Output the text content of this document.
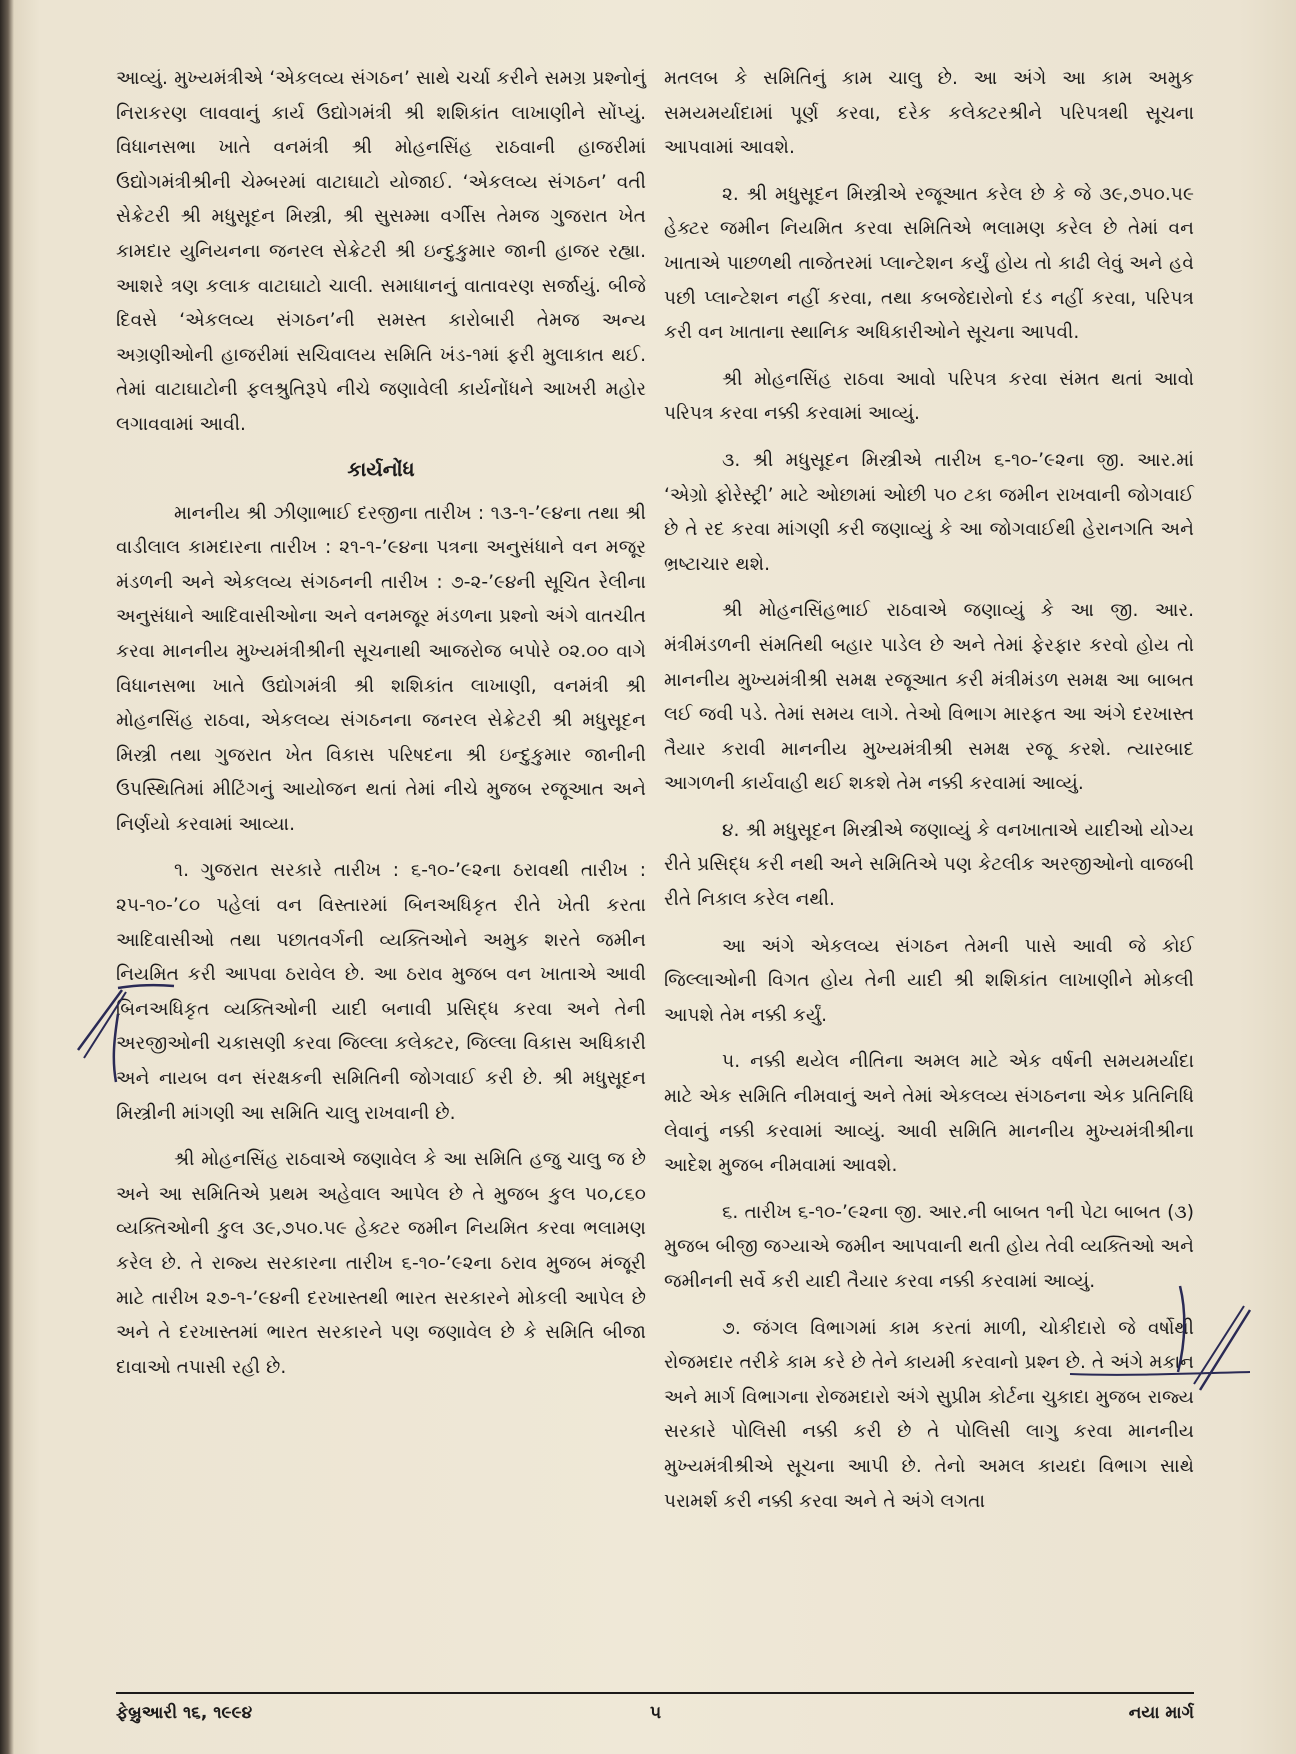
આવ્યું. મુખ્યમંત્રીએ ‘એકલવ્ય સંગઠન’ સાથે ચર્ચા કરીને સમગ્ર પ્રશ્નોનું નિરાકરણ લાવવાનું કાર્ય ઉદ્યોગમંત્રી શ્રી શશિકાંત લાખાણીને સોંપ્યું. વિધાનસભા ખાતે વનમંત્રી શ્રી મોહનસિંહ રાઠવાની હાજરીમાં ઉદ્યોગમંત્રીશ્રીની ચેમ્બરમાં વાટાઘાટો યોજાઈ. ‘એકલવ્ય સંગઠન’ વતી સેક્રેટરી શ્રી મધુસૂદન મિસ્ત્રી, શ્રી સુસમ્મા વર્ગીસ તેમજ ગુજરાત ખેત કામદાર યુનિયનના જનરલ સેક્રેટરી શ્રી ઇન્દુકુમાર જાની હાજર રહ્યા. આશરે ત્રણ કલાક વાટાઘાટો ચાલી. સમાધાનનું વાતાવરણ સર્જાયું. બીજે દિવસે ‘એકલવ્ય સંગઠન’ની સમસ્ત કારોબારી તેમજ અન્ય અગ્રણીઓની હાજરીમાં સચિવાલય સમિતિ ખંડ-૧માં ફરી મુલાકાત થઈ. તેમાં વાટાઘાટોની ફલશ્રુતિરૂપે નીચે જણાવેલી કાર્યનોંધને આખરી મહોર લગાવવામાં આવી.

કાર્યનોંધ

માનનીય શ્રી ઝીણાભાઈ દરજીના તારીખ : ૧૩-૧-’૯૪ના તથા શ્રી વાડીલાલ કામદારના તારીખ : ૨૧-૧-’૯૪ના પત્રના અનુસંધાને વન મજૂર મંડળની અને એકલવ્ય સંગઠનની તારીખ : ૭-૨-’૯૪ની સૂચિત રેલીના અનુસંધાને આદિવાસીઓના અને વનમજૂર મંડળના પ્રશ્નો અંગે વાતચીત કરવા માનનીય મુખ્યમંત્રીશ્રીની સૂચનાથી આજરોજ બપોરે ૦૨.૦૦ વાગે વિધાનસભા ખાતે ઉદ્યોગમંત્રી શ્રી શશિકાંત લાખાણી, વનમંત્રી શ્રી મોહનસિંહ રાઠવા, એકલવ્ય સંગઠનના જનરલ સેક્રેટરી શ્રી મધુસૂદન મિસ્ત્રી તથા ગુજરાત ખેત વિકાસ પરિષદના શ્રી ઇન્દુકુમાર જાનીની ઉપસ્થિતિમાં મીટિંગનું આયોજન થતાં તેમાં નીચે મુજબ રજૂઆત અને નિર્ણયો કરવામાં આવ્યા.

૧. ગુજરાત સરકારે તારીખ : ૬-૧૦-’૯૨ના ઠરાવથી તારીખ : ૨૫-૧૦-’૮૦ પહેલાં વન વિસ્તારમાં બિનઅધિકૃત રીતે ખેતી કરતા આદિવાસીઓ તથા પછાતવર્ગની વ્યક્તિઓને અમુક શરતે જમીન નિયમિત કરી આપવા ઠરાવેલ છે. આ ઠરાવ મુજબ વન ખાતાએ આવી બિનઅધિકૃત વ્યક્તિઓની યાદી બનાવી પ્રસિદ્ધ કરવા અને તેની અરજીઓની ચકાસણી કરવા જિલ્લા કલેક્ટર, જિલ્લા વિકાસ અધિકારી અને નાયબ વન સંરક્ષકની સમિતિની જોગવાઈ કરી છે. શ્રી મધુસૂદન મિસ્ત્રીની માંગણી આ સમિતિ ચાલુ રાખવાની છે.

શ્રી મોહનસિંહ રાઠવાએ જણાવેલ કે આ સમિતિ હજુ ચાલુ જ છે અને આ સમિતિએ પ્રથમ અહેવાલ આપેલ છે તે મુજબ કુલ ૫૦,૮૬૦ વ્યક્તિઓની કુલ ૩૯,૭૫૦.૫૯ હેક્ટર જમીન નિયમિત કરવા ભલામણ કરેલ છે. તે રાજ્ય સરકારના તારીખ ૬-૧૦-’૯૨ના ઠરાવ મુજબ મંજૂરી માટે તારીખ ૨૭-૧-’૯૪ની દરખાસ્તથી ભારત સરકારને મોકલી આપેલ છે અને તે દરખાસ્તમાં ભારત સરકારને પણ જણાવેલ છે કે સમિતિ બીજા દાવાઓ તપાસી રહી છે.

મતલબ કે સમિતિનું કામ ચાલુ છે. આ અંગે આ કામ અમુક સમયમર્યાદામાં પૂર્ણ કરવા, દરેક કલેક્ટરશ્રીને પરિપત્રથી સૂચના આપવામાં આવશે.

૨. શ્રી મધુસૂદન મિસ્ત્રીએ રજૂઆત કરેલ છે કે જે ૩૯,૭૫૦.૫૯ હેક્ટર જમીન નિયમિત કરવા સમિતિએ ભલામણ કરેલ છે તેમાં વન ખાતાએ પાછળથી તાજેતરમાં પ્લાન્ટેશન કર્યું હોય તો કાઢી લેવું અને હવે પછી પ્લાન્ટેશન નહીં કરવા, તથા કબજેદારોનો દંડ નહીં કરવા, પરિપત્ર કરી વન ખાતાના સ્થાનિક અધિકારીઓને સૂચના આપવી.

શ્રી મોહનસિંહ રાઠવા આવો પરિપત્ર કરવા સંમત થતાં આવો પરિપત્ર કરવા નક્કી કરવામાં આવ્યું.

૩. શ્રી મધુસૂદન મિસ્ત્રીએ તારીખ ૬-૧૦-’૯૨ના જી. આર.માં ‘એગ્રો ફોરેસ્ટ્રી’ માટે ઓછામાં ઓછી ૫૦ ટકા જમીન રાખવાની જોગવાઈ છે તે રદ કરવા માંગણી કરી જણાવ્યું કે આ જોગવાઈથી હેરાનગતિ અને ભ્રષ્ટાચાર થશે.

શ્રી મોહનસિંહભાઈ રાઠવાએ જણાવ્યું કે આ જી. આર. મંત્રીમંડળની સંમતિથી બહાર પાડેલ છે અને તેમાં ફેરફાર કરવો હોય તો માનનીય મુખ્યમંત્રીશ્રી સમક્ષ રજૂઆત કરી મંત્રીમંડળ સમક્ષ આ બાબત લઈ જવી પડે. તેમાં સમય લાગે. તેઓ વિભાગ મારફત આ અંગે દરખાસ્ત તૈયાર કરાવી માનનીય મુખ્યમંત્રીશ્રી સમક્ષ રજૂ કરશે. ત્યારબાદ આગળની કાર્યવાહી થઈ શકશે તેમ નક્કી કરવામાં આવ્યું.

૪. શ્રી મધુસૂદન મિસ્ત્રીએ જણાવ્યું કે વનખાતાએ યાદીઓ યોગ્ય રીતે પ્રસિદ્ધ કરી નથી અને સમિતિએ પણ કેટલીક અરજીઓનો વાજબી રીતે નિકાલ કરેલ નથી.

આ અંગે એકલવ્ય સંગઠન તેમની પાસે આવી જે કોઈ જિલ્લાઓની વિગત હોય તેની યાદી શ્રી શશિકાંત લાખાણીને મોકલી આપશે તેમ નક્કી કર્યું.

૫. નક્કી થયેલ નીતિના અમલ માટે એક વર્ષની સમયમર્યાદા માટે એક સમિતિ નીમવાનું અને તેમાં એકલવ્ય સંગઠનના એક પ્રતિનિધિ લેવાનું નક્કી કરવામાં આવ્યું. આવી સમિતિ માનનીય મુખ્યમંત્રીશ્રીના આદેશ મુજબ નીમવામાં આવશે.

૬. તારીખ ૬-૧૦-’૯૨ના જી. આર.ની બાબત ૧ની પેટા બાબત (૩) મુજબ બીજી જગ્યાએ જમીન આપવાની થતી હોય તેવી વ્યક્તિઓ અને જમીનની સર્વે કરી યાદી તૈયાર કરવા નક્કી કરવામાં આવ્યું.

૭. જંગલ વિભાગમાં કામ કરતાં માળી, ચોકીદારો જે વર્ષોથી રોજમદાર તરીકે કામ કરે છે તેને કાયમી કરવાનો પ્રશ્ન છે. તે અંગે મકાન અને માર્ગ વિભાગના રોજમદારો અંગે સુપ્રીમ કોર્ટના ચુકાદા મુજબ રાજ્ય સરકારે પોલિસી નક્કી કરી છે તે પોલિસી લાગુ કરવા માનનીય મુખ્યમંત્રીશ્રીએ સૂચના આપી છે. તેનો અમલ કાયદા વિભાગ સાથે પરામર્શ કરી નક્કી કરવા અને તે અંગે લગતા

ફેબ્રુઆરી ૧૬, ૧૯૯૪	૫	નયા માર્ગ
